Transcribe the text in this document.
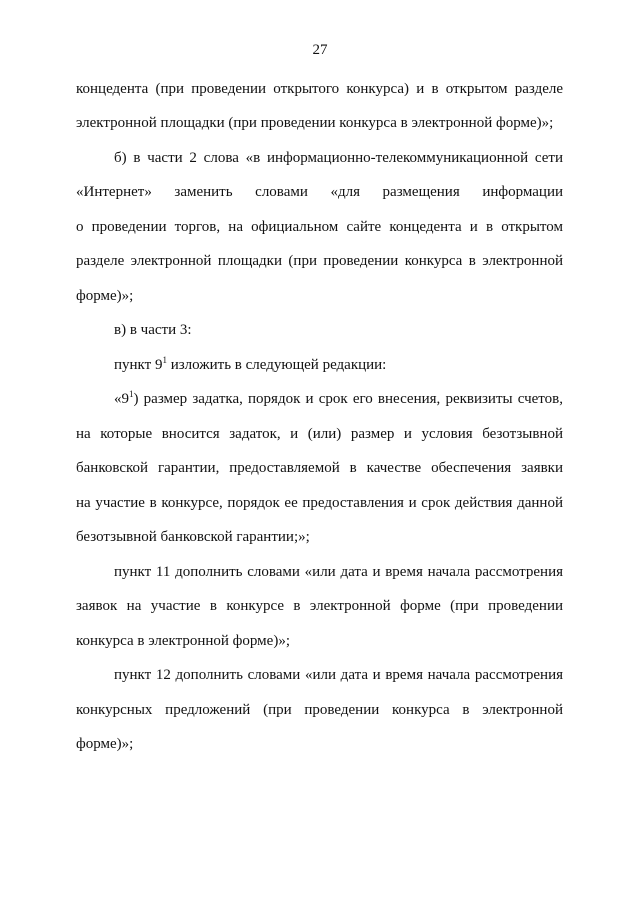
27
концедента (при проведении открытого конкурса) и в открытом разделе
электронной площадки (при проведении конкурса в электронной форме)»;
б) в части 2 слова «в информационно-телекоммуникационной сети
«Интернет» заменить словами «для размещения информации
о проведении торгов, на официальном сайте концедента и в открытом
разделе электронной площадки (при проведении конкурса в электронной
форме)»;
в) в части 3:
пункт $9^1$ изложить в следующей редакции:
«$9^1$) размер задатка, порядок и срок его внесения, реквизиты счетов,
на которые вносится задаток, и (или) размер и условия безотзывной
банковской гарантии, предоставляемой в качестве обеспечения заявки
на участие в конкурсе, порядок ее предоставления и срок действия данной
безотзывной банковской гарантии;»;
пункт 11 дополнить словами «или дата и время начала рассмотрения
заявок на участие в конкурсе в электронной форме (при проведении
конкурса в электронной форме)»;
пункт 12 дополнить словами «или дата и время начала рассмотрения
конкурсных предложений (при проведении конкурса в электронной
форме)»;
